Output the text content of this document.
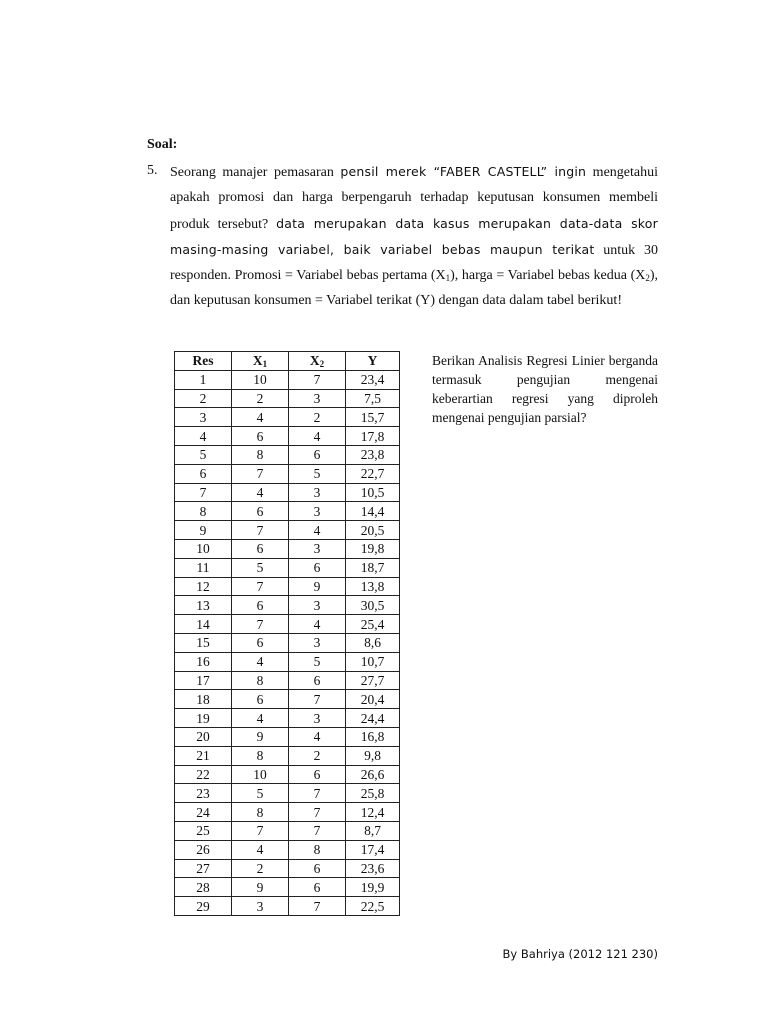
Soal:
5. Seorang manajer pemasaran pensil merek “FABER CASTELL” ingin mengetahui apakah promosi dan harga berpengaruh terhadap keputusan konsumen membeli produk tersebut? data merupakan data kasus merupakan data-data skor masing-masing variabel, baik variabel bebas maupun terikat untuk 30 responden. Promosi = Variabel bebas pertama $(X_1)$, harga = Variabel bebas kedua $(X_2)$, dan keputusan konsumen = Variabel terikat (Y) dengan data dalam tabel berikut!
Res	$X_1$	$X_2$	Y
1	10	7	23,4
2	2	3	7,5
3	4	2	15,7
4	6	4	17,8
5	8	6	23,8
6	7	5	22,7
7	4	3	10,5
8	6	3	14,4
9	7	4	20,5
10	6	3	19,8
11	5	6	18,7
12	7	9	13,8
13	6	3	30,5
14	7	4	25,4
15	6	3	8,6
16	4	5	10,7
17	8	6	27,7
18	6	7	20,4
19	4	3	24,4
20	9	4	16,8
21	8	2	9,8
22	10	6	26,6
23	5	7	25,8
24	8	7	12,4
25	7	7	8,7
26	4	8	17,4
27	2	6	23,6
28	9	6	19,9
29	3	7	22,5
Berikan Analisis Regresi Linier berganda termasuk pengujian mengenai keberartian regresi yang diproleh mengenai pengujian parsial?
By Bahriya (2012 121 230)
